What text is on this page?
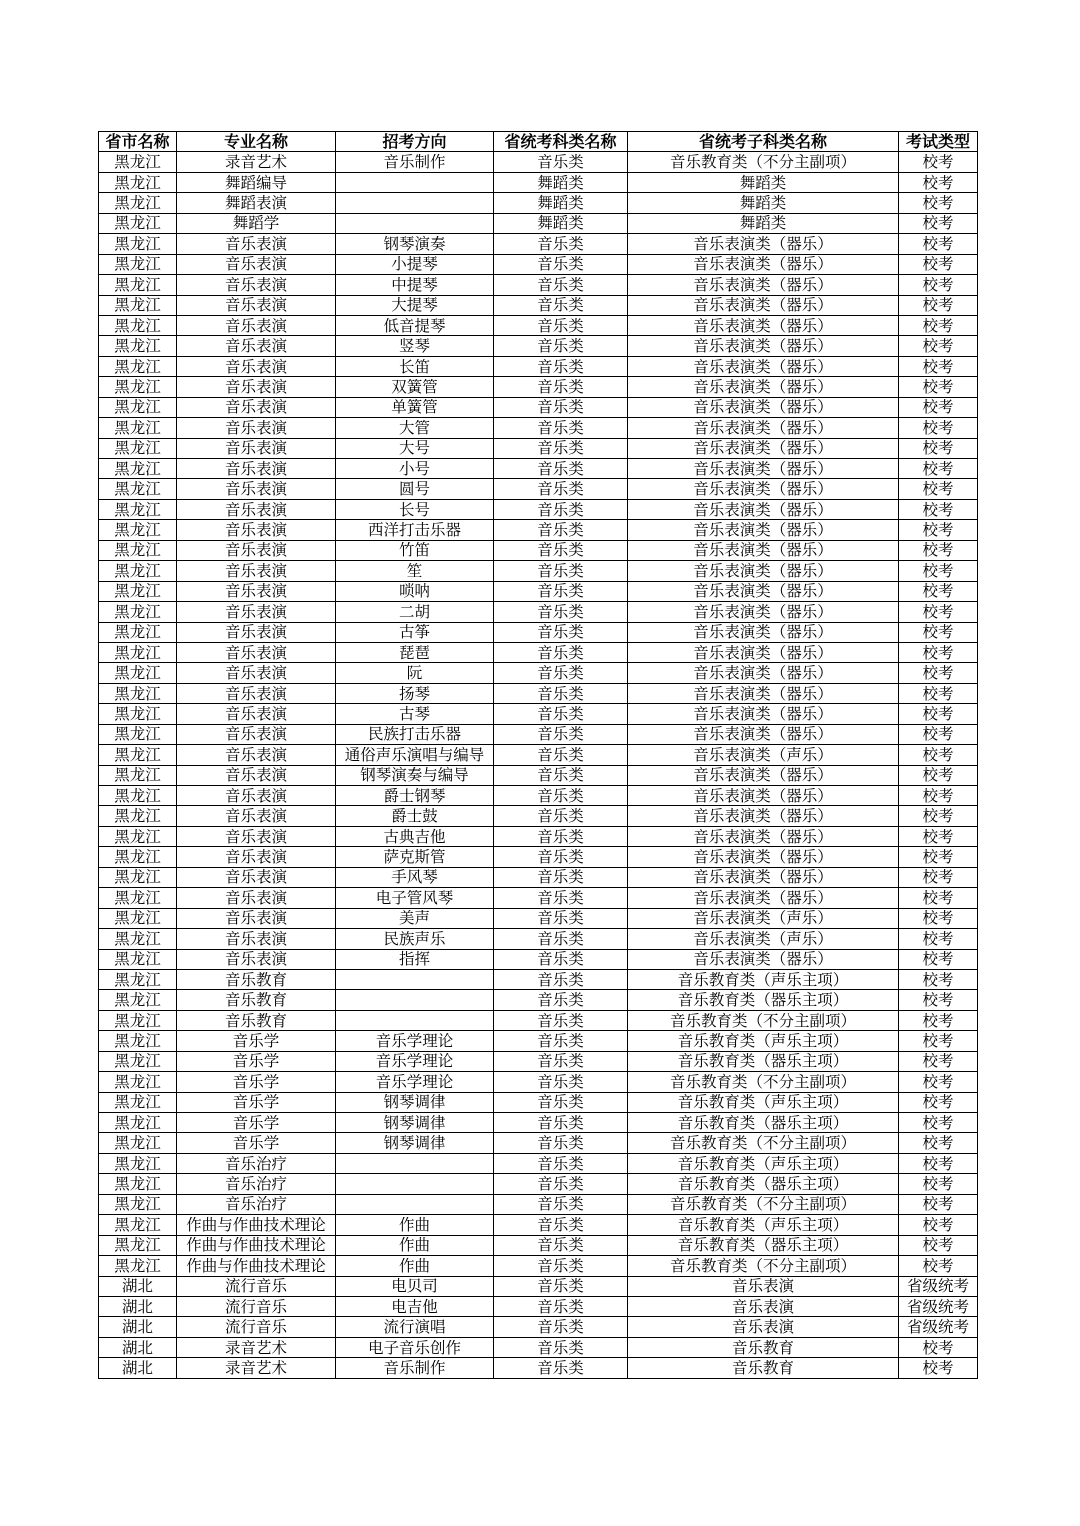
省市名称	专业名称	招考方向	省统考科类名称	省统考子科类名称	考试类型
黑龙江	录音艺术	音乐制作	音乐类	音乐教育类（不分主副项）	校考
黑龙江	舞蹈编导		舞蹈类	舞蹈类	校考
黑龙江	舞蹈表演		舞蹈类	舞蹈类	校考
黑龙江	舞蹈学		舞蹈类	舞蹈类	校考
黑龙江	音乐表演	钢琴演奏	音乐类	音乐表演类（器乐）	校考
黑龙江	音乐表演	小提琴	音乐类	音乐表演类（器乐）	校考
黑龙江	音乐表演	中提琴	音乐类	音乐表演类（器乐）	校考
黑龙江	音乐表演	大提琴	音乐类	音乐表演类（器乐）	校考
黑龙江	音乐表演	低音提琴	音乐类	音乐表演类（器乐）	校考
黑龙江	音乐表演	竖琴	音乐类	音乐表演类（器乐）	校考
黑龙江	音乐表演	长笛	音乐类	音乐表演类（器乐）	校考
黑龙江	音乐表演	双簧管	音乐类	音乐表演类（器乐）	校考
黑龙江	音乐表演	单簧管	音乐类	音乐表演类（器乐）	校考
黑龙江	音乐表演	大管	音乐类	音乐表演类（器乐）	校考
黑龙江	音乐表演	大号	音乐类	音乐表演类（器乐）	校考
黑龙江	音乐表演	小号	音乐类	音乐表演类（器乐）	校考
黑龙江	音乐表演	圆号	音乐类	音乐表演类（器乐）	校考
黑龙江	音乐表演	长号	音乐类	音乐表演类（器乐）	校考
黑龙江	音乐表演	西洋打击乐器	音乐类	音乐表演类（器乐）	校考
黑龙江	音乐表演	竹笛	音乐类	音乐表演类（器乐）	校考
黑龙江	音乐表演	笙	音乐类	音乐表演类（器乐）	校考
黑龙江	音乐表演	唢呐	音乐类	音乐表演类（器乐）	校考
黑龙江	音乐表演	二胡	音乐类	音乐表演类（器乐）	校考
黑龙江	音乐表演	古筝	音乐类	音乐表演类（器乐）	校考
黑龙江	音乐表演	琵琶	音乐类	音乐表演类（器乐）	校考
黑龙江	音乐表演	阮	音乐类	音乐表演类（器乐）	校考
黑龙江	音乐表演	扬琴	音乐类	音乐表演类（器乐）	校考
黑龙江	音乐表演	古琴	音乐类	音乐表演类（器乐）	校考
黑龙江	音乐表演	民族打击乐器	音乐类	音乐表演类（器乐）	校考
黑龙江	音乐表演	通俗声乐演唱与编导	音乐类	音乐表演类（声乐）	校考
黑龙江	音乐表演	钢琴演奏与编导	音乐类	音乐表演类（器乐）	校考
黑龙江	音乐表演	爵士钢琴	音乐类	音乐表演类（器乐）	校考
黑龙江	音乐表演	爵士鼓	音乐类	音乐表演类（器乐）	校考
黑龙江	音乐表演	古典吉他	音乐类	音乐表演类（器乐）	校考
黑龙江	音乐表演	萨克斯管	音乐类	音乐表演类（器乐）	校考
黑龙江	音乐表演	手风琴	音乐类	音乐表演类（器乐）	校考
黑龙江	音乐表演	电子管风琴	音乐类	音乐表演类（器乐）	校考
黑龙江	音乐表演	美声	音乐类	音乐表演类（声乐）	校考
黑龙江	音乐表演	民族声乐	音乐类	音乐表演类（声乐）	校考
黑龙江	音乐表演	指挥	音乐类	音乐表演类（器乐）	校考
黑龙江	音乐教育		音乐类	音乐教育类（声乐主项）	校考
黑龙江	音乐教育		音乐类	音乐教育类（器乐主项）	校考
黑龙江	音乐教育		音乐类	音乐教育类（不分主副项）	校考
黑龙江	音乐学	音乐学理论	音乐类	音乐教育类（声乐主项）	校考
黑龙江	音乐学	音乐学理论	音乐类	音乐教育类（器乐主项）	校考
黑龙江	音乐学	音乐学理论	音乐类	音乐教育类（不分主副项）	校考
黑龙江	音乐学	钢琴调律	音乐类	音乐教育类（声乐主项）	校考
黑龙江	音乐学	钢琴调律	音乐类	音乐教育类（器乐主项）	校考
黑龙江	音乐学	钢琴调律	音乐类	音乐教育类（不分主副项）	校考
黑龙江	音乐治疗		音乐类	音乐教育类（声乐主项）	校考
黑龙江	音乐治疗		音乐类	音乐教育类（器乐主项）	校考
黑龙江	音乐治疗		音乐类	音乐教育类（不分主副项）	校考
黑龙江	作曲与作曲技术理论	作曲	音乐类	音乐教育类（声乐主项）	校考
黑龙江	作曲与作曲技术理论	作曲	音乐类	音乐教育类（器乐主项）	校考
黑龙江	作曲与作曲技术理论	作曲	音乐类	音乐教育类（不分主副项）	校考
湖北	流行音乐	电贝司	音乐类	音乐表演	省级统考
湖北	流行音乐	电吉他	音乐类	音乐表演	省级统考
湖北	流行音乐	流行演唱	音乐类	音乐表演	省级统考
湖北	录音艺术	电子音乐创作	音乐类	音乐教育	校考
湖北	录音艺术	音乐制作	音乐类	音乐教育	校考
